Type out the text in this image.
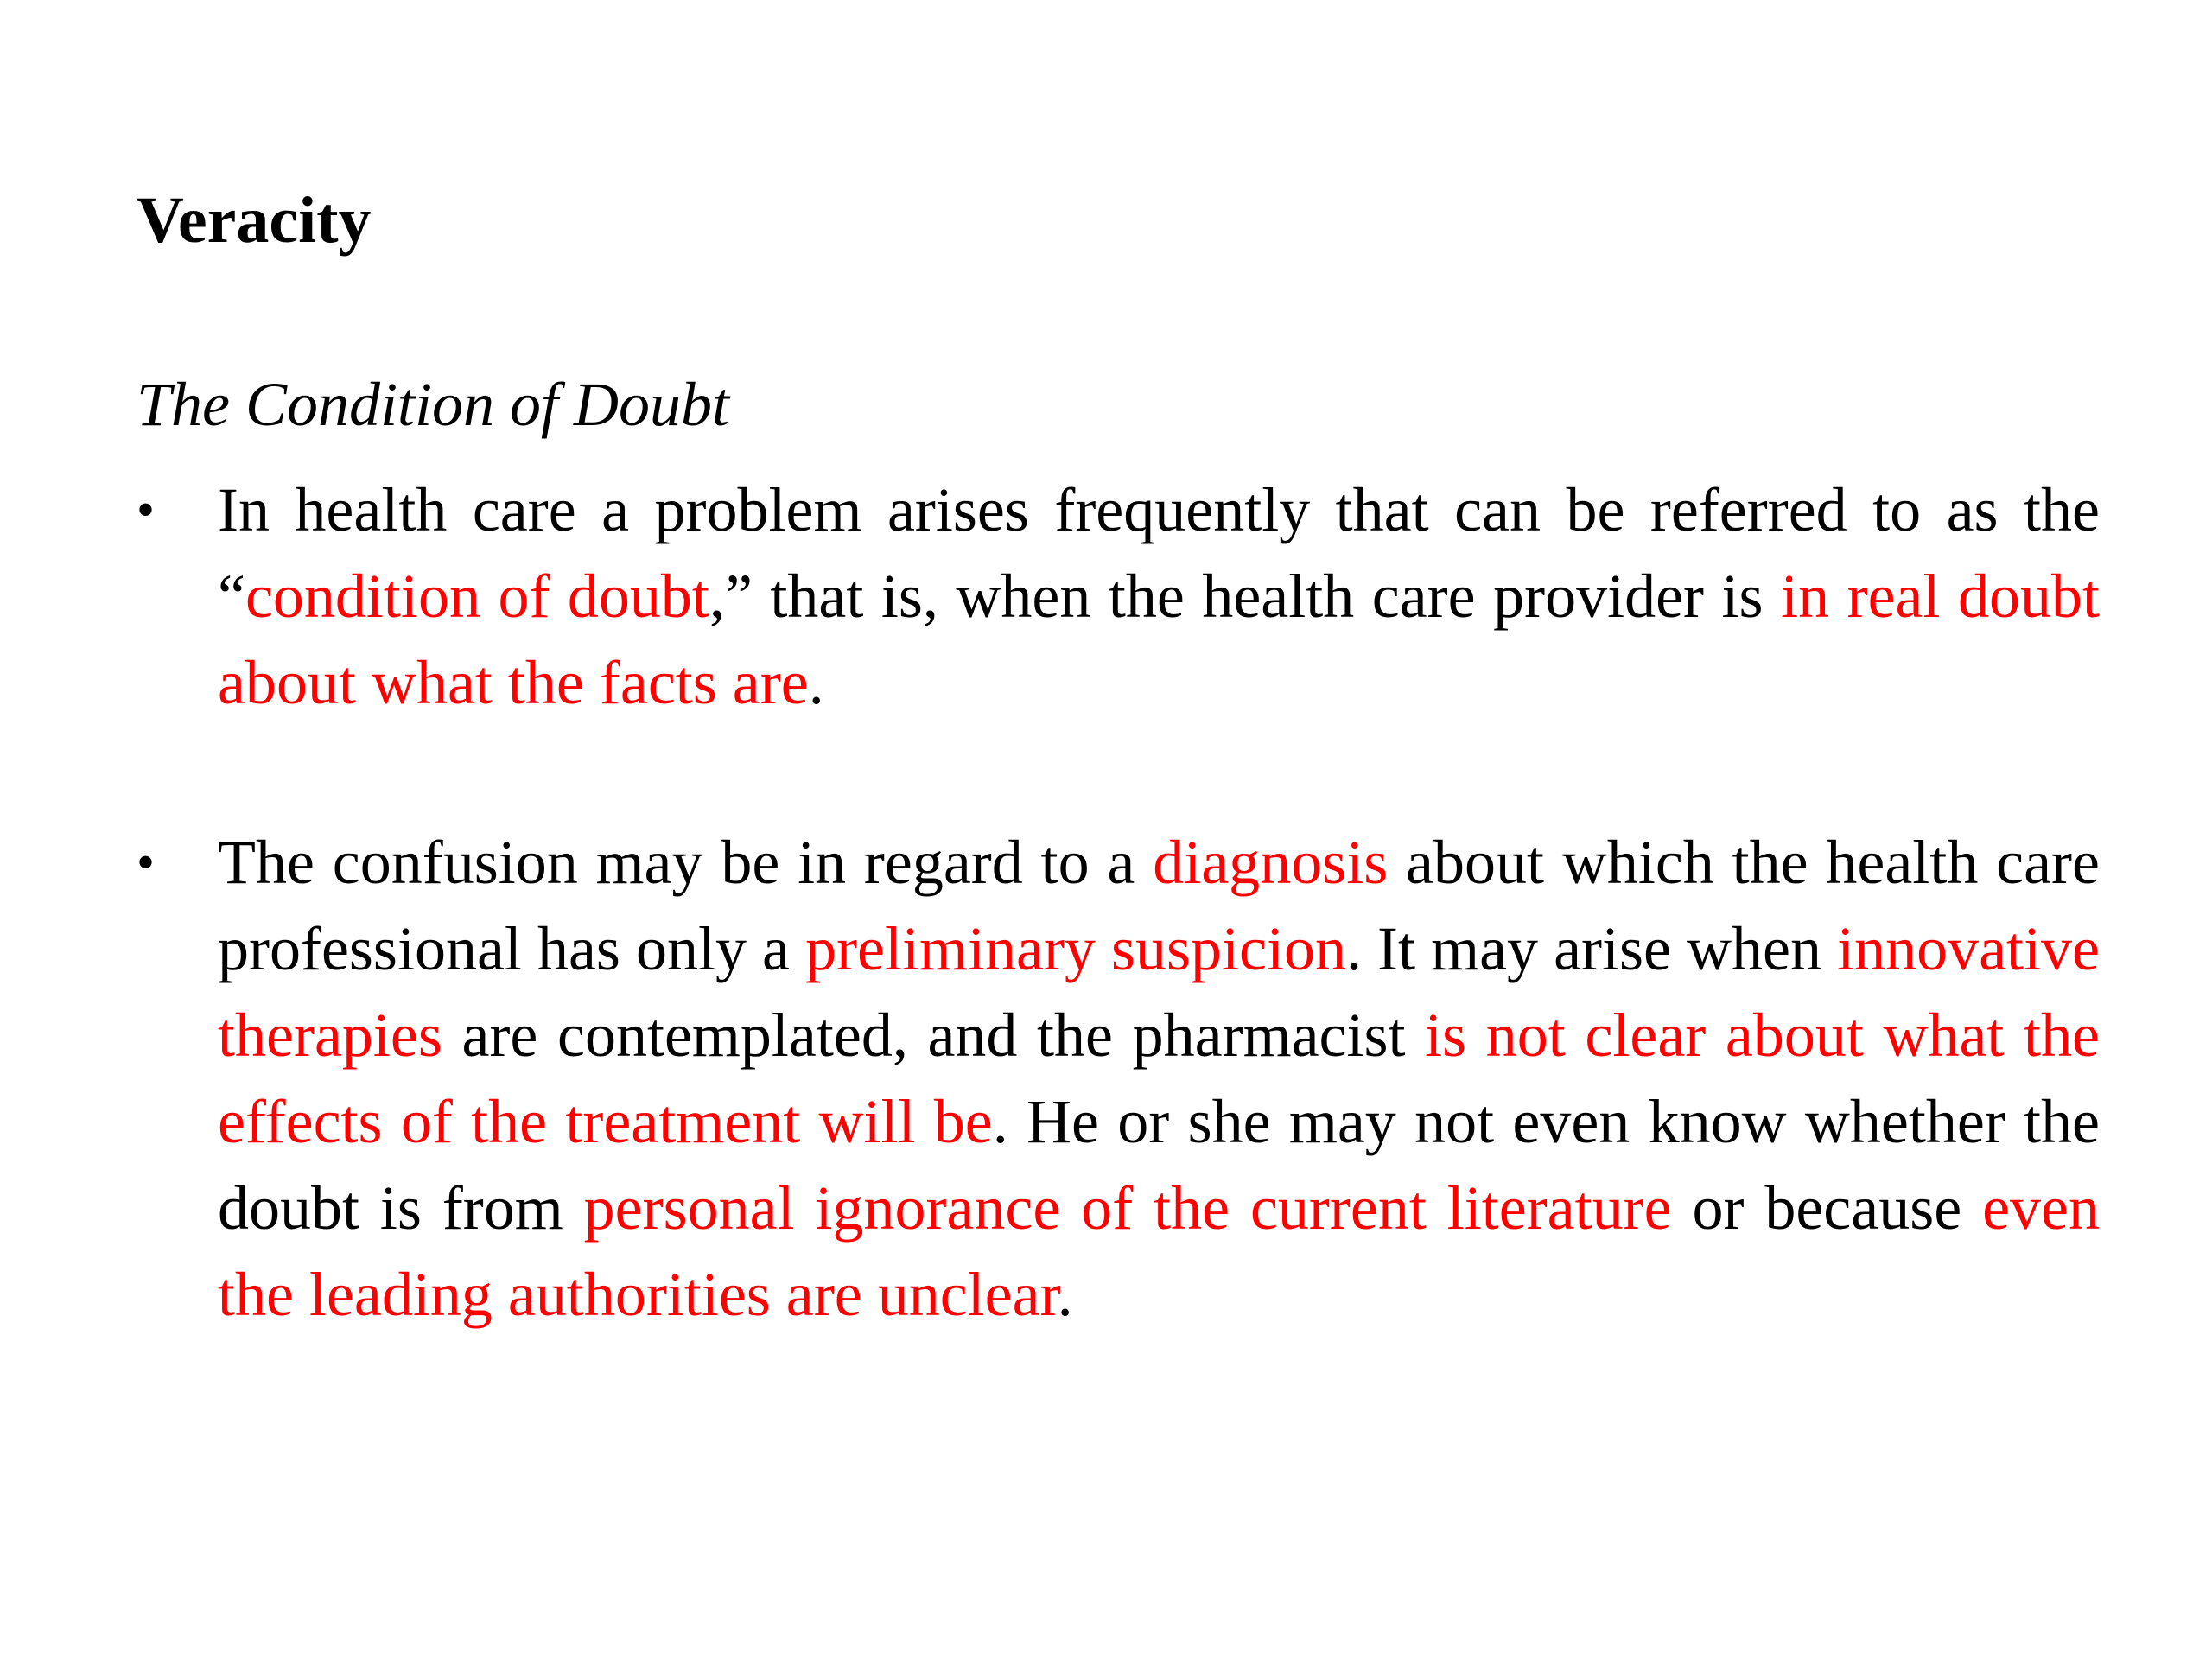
Veracity
The Condition of Doubt
•	In health care a problem arises frequently that can be referred to as the “condition of doubt,” that is, when the health care provider is in real doubt about what the facts are.
•	The confusion may be in regard to a diagnosis about which the health care professional has only a preliminary suspicion. It may arise when innovative therapies are contemplated, and the pharmacist is not clear about what the effects of the treatment will be. He or she may not even know whether the doubt is from personal ignorance of the current literature or because even the leading authorities are unclear.
